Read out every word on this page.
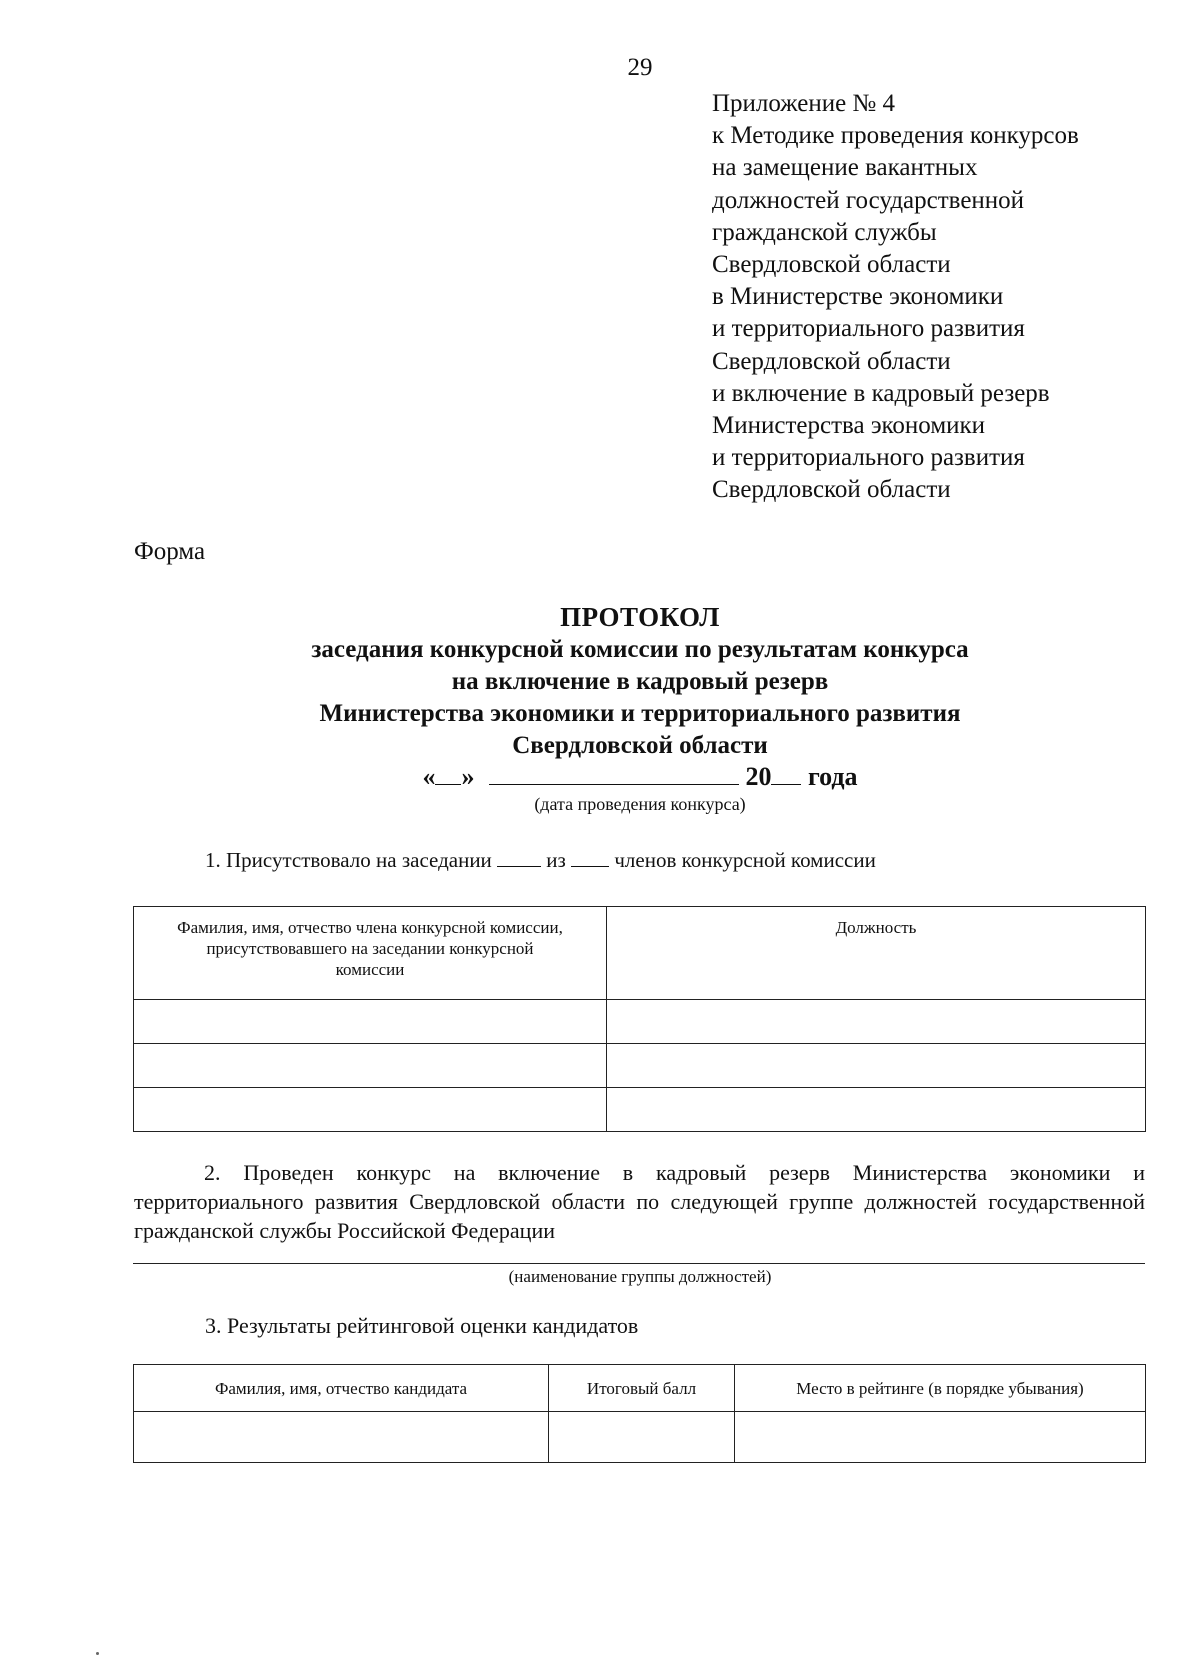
29
Приложение № 4
к Методике проведения конкурсов
на замещение вакантных
должностей государственной
гражданской службы
Свердловской области
в Министерстве экономики
и территориального развития
Свердловской области
и включение в кадровый резерв
Министерства экономики
и территориального развития
Свердловской области
Форма
ПРОТОКОЛ
заседания конкурсной комиссии по результатам конкурса
на включение в кадровый резерв
Министерства экономики и территориального развития
Свердловской области
« »	20 года
(дата проведения конкурса)
1. Присутствовало на заседании	из членов конкурсной комиссии
Фамилия, имя, отчество члена конкурсной комиссии, присутствовавшего на заседании конкурсной комиссии	Должность

2. Проведен конкурс на включение в кадровый резерв Министерства экономики и территориального развития Свердловской области по следующей группе должностей государственной гражданской службы Российской Федерации
(наименование группы должностей)
3. Результаты рейтинговой оценки кандидатов
Фамилия, имя, отчество кандидата	Итоговый балл	Место в рейтинге (в порядке убывания)
